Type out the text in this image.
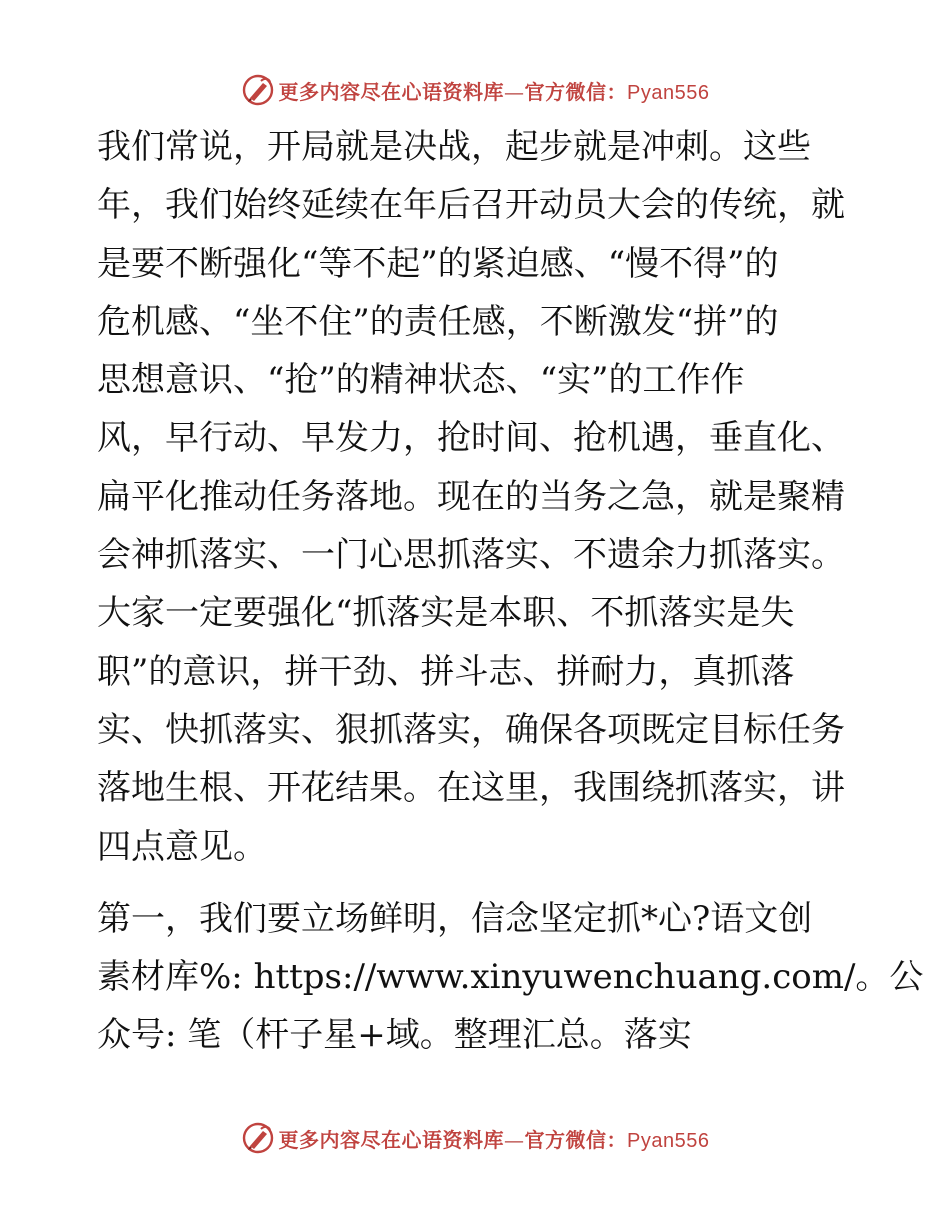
更多内容尽在心语资料库—官方微信：Pyan556

我们常说，开局就是决战，起步就是冲刺。这些
年，我们始终延续在年后召开动员大会的传统，就
是要不断强化“等不起”的紧迫感、“慢不得”的
危机感、“坐不住”的责任感，不断激发“拼”的
思想意识、“抢”的精神状态、“实”的工作作
风，早行动、早发力，抢时间、抢机遇，垂直化、
扁平化推动任务落地。现在的当务之急，就是聚精
会神抓落实、一门心思抓落实、不遗余力抓落实。
大家一定要强化“抓落实是本职、不抓落实是失
职”的意识，拼干劲、拼斗志、拼耐力，真抓落
实、快抓落实、狠抓落实，确保各项既定目标任务
落地生根、开花结果。在这里，我围绕抓落实，讲
四点意见。

第一，我们要立场鲜明，信念坚定抓*心?语文创
素材库%: https://www.xinyuwenchuang.com/。公
众号: 笔（杆子星+域。整理汇总。落实

更多内容尽在心语资料库—官方微信：Pyan556
